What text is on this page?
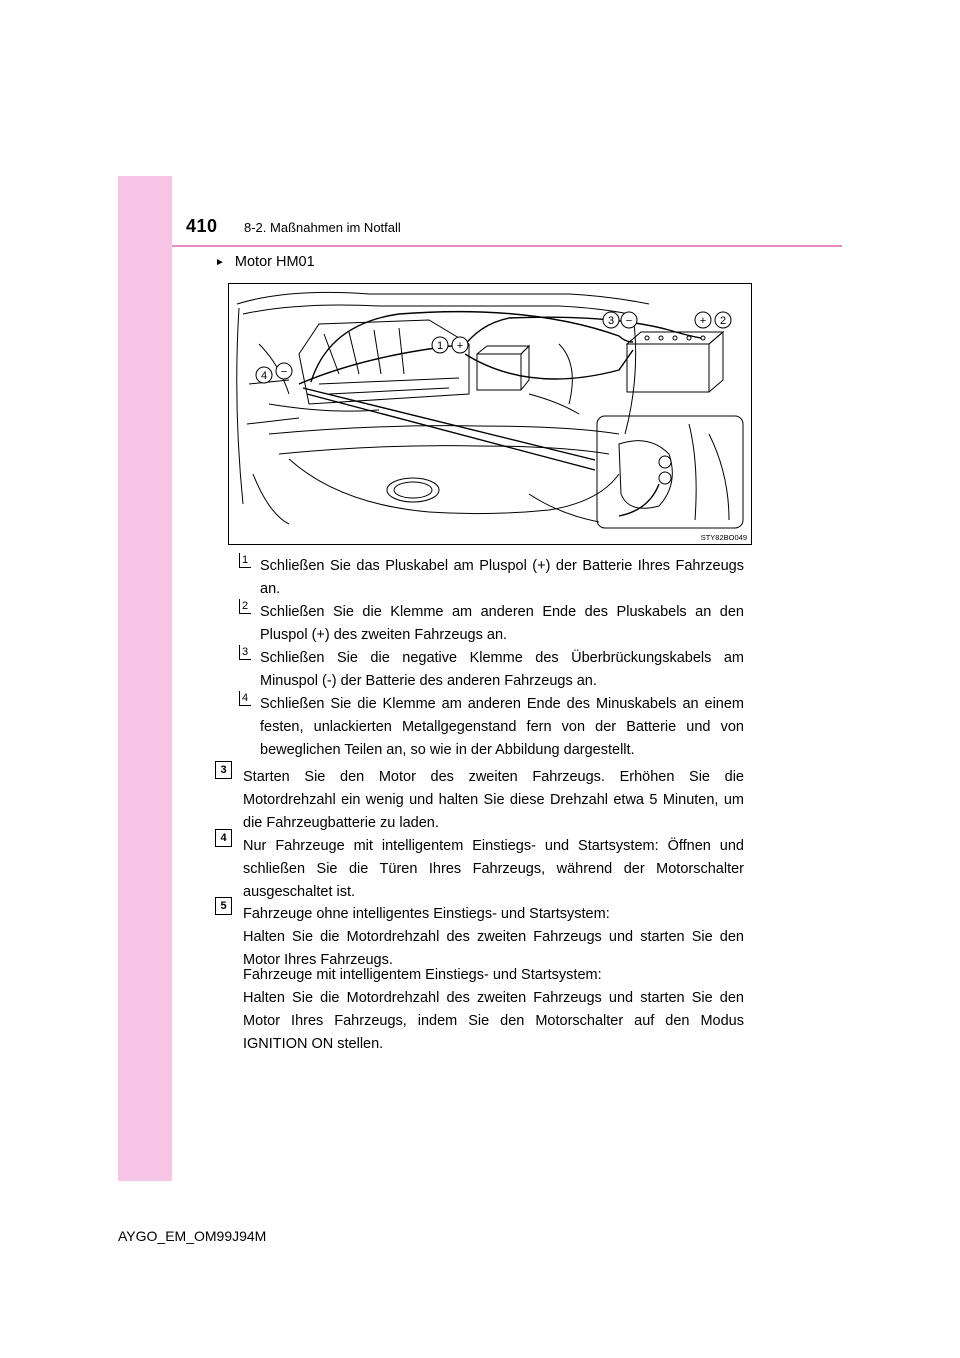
410 8-2. Maßnahmen im Notfall
► Motor HM01
3 −	+ 2
1 +
4 −
STY82BO049
1 Schließen Sie das Pluskabel am Pluspol (+) der Batterie Ihres Fahrzeugs an.
2 Schließen Sie die Klemme am anderen Ende des Pluskabels an den Pluspol (+) des zweiten Fahrzeugs an.
3 Schließen Sie die negative Klemme des Überbrückungskabels am Minuspol (-) der Batterie des anderen Fahrzeugs an.
4 Schließen Sie die Klemme am anderen Ende des Minuskabels an einem festen, unlackierten Metallgegenstand fern von der Batterie und von beweglichen Teilen an, so wie in der Abbildung dargestellt.
3	Starten Sie den Motor des zweiten Fahrzeugs. Erhöhen Sie die Motordrehzahl ein wenig und halten Sie diese Drehzahl etwa 5 Minuten, um die Fahrzeugbatterie zu laden.
4	Nur Fahrzeuge mit intelligentem Einstiegs- und Startsystem: Öffnen und schließen Sie die Türen Ihres Fahrzeugs, während der Motorschalter ausgeschaltet ist.
5	Fahrzeuge ohne intelligentes Einstiegs- und Startsystem:
Halten Sie die Motordrehzahl des zweiten Fahrzeugs und starten Sie den Motor Ihres Fahrzeugs.
Fahrzeuge mit intelligentem Einstiegs- und Startsystem:
Halten Sie die Motordrehzahl des zweiten Fahrzeugs und starten Sie den Motor Ihres Fahrzeugs, indem Sie den Motorschalter auf den Modus IGNITION ON stellen.
AYGO_EM_OM99J94M
